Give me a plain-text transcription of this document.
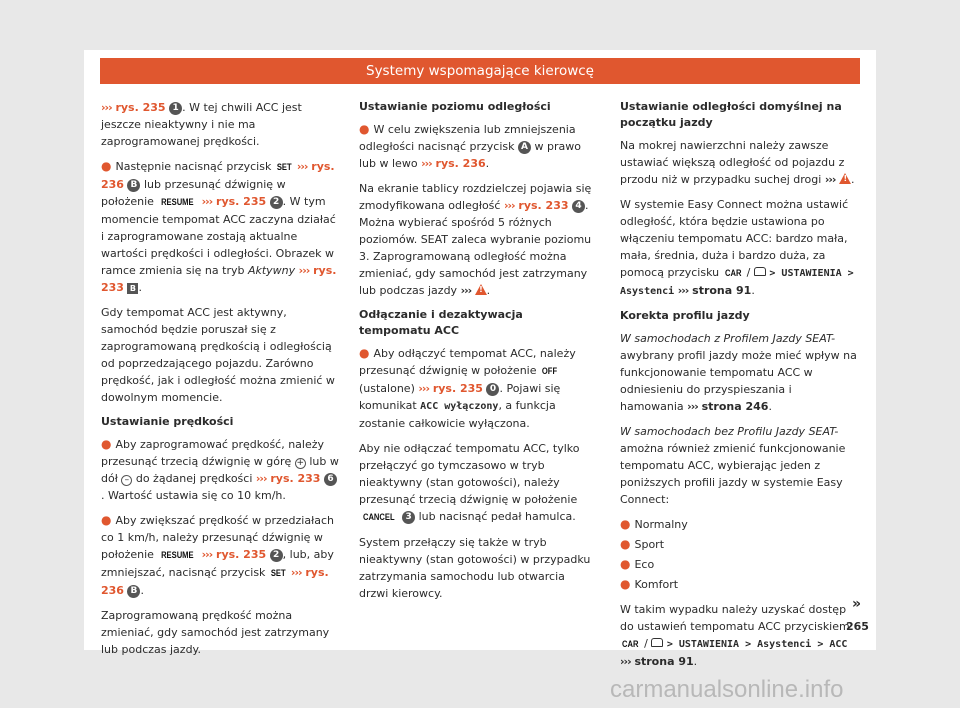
Systemy wspomagające kierowcę

››› rys. 235 1 . W tej chwili ACC jest jeszcze nieaktywny i nie ma zaprogramowanej prędkości.

● Następnie nacisnąć przycisk SET ››› rys. 236 B lub przesunąć dźwignię w położenie RESUME ››› rys. 235 2 . W tym momencie tempomat ACC zaczyna działać i zaprogramowane zostają aktualne wartości prędkości i odległości. Obrazek w ramce zmienia się na tryb Aktywny ››› rys. 233 B .

Gdy tempomat ACC jest aktywny, samochód będzie poruszał się z zaprogramowaną prędkością i odległością od poprzedzającego pojazdu. Zarówno prędkość, jak i odległość można zmienić w dowolnym momencie.

Ustawianie prędkości

● Aby zaprogramować prędkość, należy przesunąć trzecią dźwignię w górę + lub w dół – do żądanej prędkości ››› rys. 233 6. Wartość ustawia się co 10 km/h.

● Aby zwiększać prędkość w przedziałach co 1 km/h, należy przesunąć dźwignię w położenie RESUME ››› rys. 235 2 , lub, aby zmniejszać, nacisnąć przycisk SET ››› rys. 236 B .

Zaprogramowaną prędkość można zmieniać, gdy samochód jest zatrzymany lub podczas jazdy.

Ustawianie poziomu odległości

● W celu zwiększenia lub zmniejszenia odległości nacisnąć przycisk A w prawo lub w lewo ››› rys. 236.

Na ekranie tablicy rozdzielczej pojawia się zmodyfikowana odległość ››› rys. 233 4 . Można wybierać spośród 5 różnych poziomów. SEAT zaleca wybranie poziomu 3. Zaprogramowaną odległość można zmieniać, gdy samochód jest zatrzymany lub podczas jazdy ››› ! .

Odłączanie i dezaktywacja tempomatu ACC

● Aby odłączyć tempomat ACC, należy przesunąć dźwignię w położenie OFF (ustalone) ››› rys. 235 0 . Pojawi się komunikat ACC wyłączony, a funkcja zostanie całkowicie wyłączona.

Aby nie odłączać tempomatu ACC, tylko przełączyć go tymczasowo w tryb nieaktywny (stan gotowości), należy przesunąć trzecią dźwignię w położenie CANCEL 3 lub nacisnąć pedał hamulca.

System przełączy się także w tryb nieaktywny (stan gotowości) w przypadku zatrzymania samochodu lub otwarcia drzwi kierowcy.

Ustawianie odległości domyślnej na początku jazdy

Na mokrej nawierzchni należy zawsze ustawiać większą odległość od pojazdu z przodu niż w przypadku suchej drogi ››› ! .

W systemie Easy Connect można ustawić odległość, która będzie ustawiona po włączeniu tempomatu ACC: bardzo mała, mała, średnia, duża i bardzo duża, za pomocą przycisku CAR / > USTAWIENIA > Asystenci ››› strona 91.

Korekta profilu jazdy

W samochodach z Profilem Jazdy SEAT-awybrany profil jazdy może mieć wpływ na funkcjonowanie tempomatu ACC w odniesieniu do przyspieszania i hamowania ››› strona 246.

W samochodach bez Profilu Jazdy SEAT-amożna również zmienić funkcjonowanie tempomatu ACC, wybierając jeden z poniższych profili jazdy w systemie Easy Connect:

● Normalny

● Sport

● Eco

● Komfort

W takim wypadku należy uzyskać dostęp do ustawień tempomatu ACC przyciskiem CAR / > USTAWIENIA > Asystenci > ACC ››› strona 91.

»
265
carmanualsonline.info
